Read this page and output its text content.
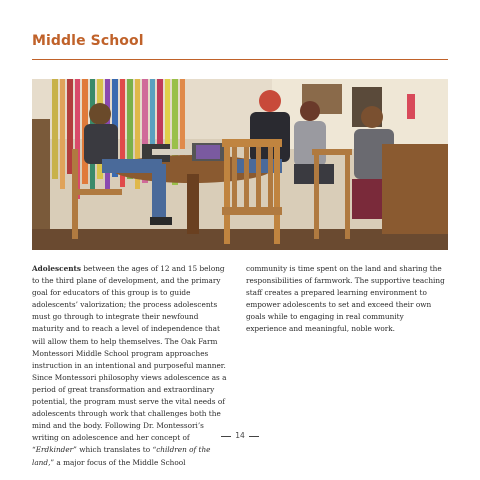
Middle School

Adolescents between the ages of 12 and 15 belong to the third plane of development, and the primary goal for educators of this group is to guide adolescents’ valorization; the process adolescents must go through to integrate their newfound maturity and to reach a level of independence that will allow them to help themselves. The Oak Farm Montessori Middle School program approaches instruction in an intentional and purposeful manner. Since Montessori philosophy views adolescence as a period of great transformation and extraordinary potential, the program must serve the vital needs of adolescents through work that challenges both the mind and the body. Following Dr. Montessori’s writing on adolescence and her concept of “Erdkinder” which translates to “children of the land,” a major focus of the Middle School

community is time spent on the land and sharing the responsibilities of farmwork. The supportive teaching staff creates a prepared learning environment to empower adolescents to set and exceed their own goals while to engaging in real community experience and meaningful, noble work.

14
